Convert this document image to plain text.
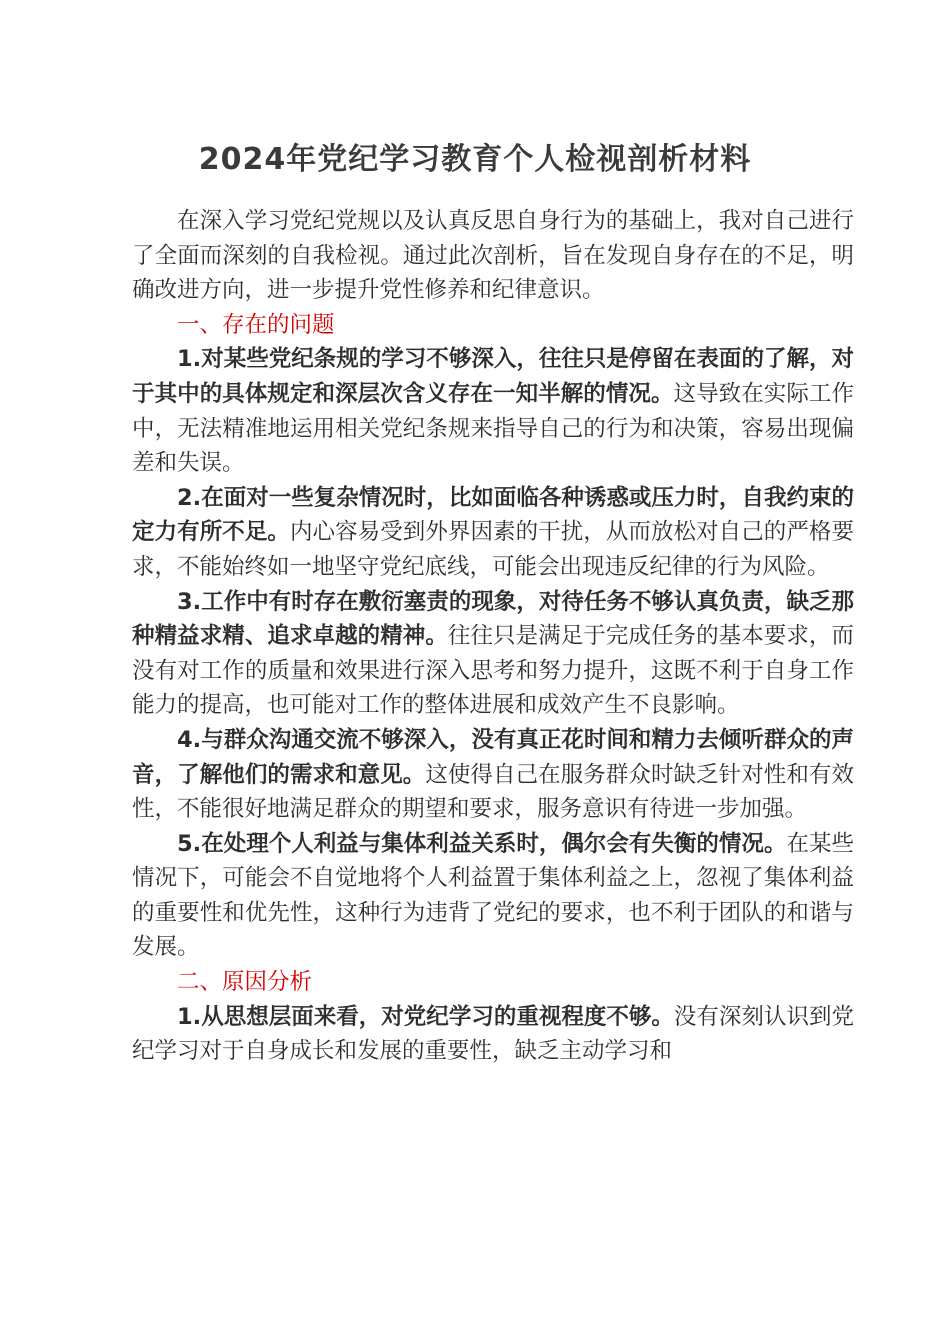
2024年党纪学习教育个人检视剖析材料

在深入学习党纪党规以及认真反思自身行为的基础上，我对自己进行了全面而深刻的自我检视。通过此次剖析，旨在发现自身存在的不足，明确改进方向，进一步提升党性修养和纪律意识。

一、存在的问题

1.对某些党纪条规的学习不够深入，往往只是停留在表面的了解，对于其中的具体规定和深层次含义存在一知半解的情况。这导致在实际工作中，无法精准地运用相关党纪条规来指导自己的行为和决策，容易出现偏差和失误。

2.在面对一些复杂情况时，比如面临各种诱惑或压力时，自我约束的定力有所不足。内心容易受到外界因素的干扰，从而放松对自己的严格要求，不能始终如一地坚守党纪底线，可能会出现违反纪律的行为风险。

3.工作中有时存在敷衍塞责的现象，对待任务不够认真负责，缺乏那种精益求精、追求卓越的精神。往往只是满足于完成任务的基本要求，而没有对工作的质量和效果进行深入思考和努力提升，这既不利于自身工作能力的提高，也可能对工作的整体进展和成效产生不良影响。

4.与群众沟通交流不够深入，没有真正花时间和精力去倾听群众的声音，了解他们的需求和意见。这使得自己在服务群众时缺乏针对性和有效性，不能很好地满足群众的期望和要求，服务意识有待进一步加强。

5.在处理个人利益与集体利益关系时，偶尔会有失衡的情况。在某些情况下，可能会不自觉地将个人利益置于集体利益之上，忽视了集体利益的重要性和优先性，这种行为违背了党纪的要求，也不利于团队的和谐与发展。

二、原因分析

1.从思想层面来看，对党纪学习的重视程度不够。没有深刻认识到党纪学习对于自身成长和发展的重要性，缺乏主动学习和
